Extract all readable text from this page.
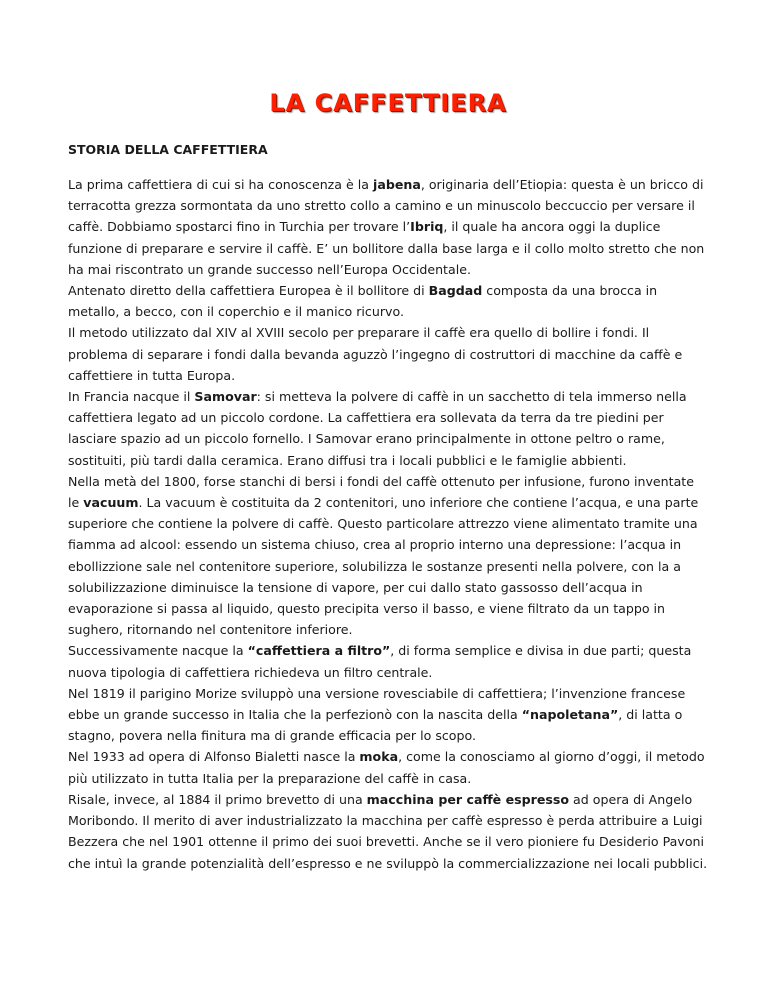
LA CAFFETTIERA
STORIA DELLA CAFFETTIERA

La prima caffettiera di cui si ha conoscenza è la jabena, originaria dell’Etiopia: questa è un bricco di terracotta grezza sormontata da uno stretto collo a camino e un minuscolo beccuccio per versare il caffè. Dobbiamo spostarci fino in Turchia per trovare l’Ibriq, il quale ha ancora oggi la duplice funzione di preparare e servire il caffè. E’ un bollitore dalla base larga e il collo molto stretto che non ha mai riscontrato un grande successo nell’Europa Occidentale.

Antenato diretto della caffettiera Europea è il bollitore di Bagdad composta da una brocca in metallo, a becco, con il coperchio e il manico ricurvo.

Il metodo utilizzato dal XIV al XVIII secolo per preparare il caffè era quello di bollire i fondi. Il problema di separare i fondi dalla bevanda aguzzò l’ingegno di costruttori di macchine da caffè e caffettiere in tutta Europa.

In Francia nacque il Samovar: si metteva la polvere di caffè in un sacchetto di tela immerso nella caffettiera legato ad un piccolo cordone. La caffettiera era sollevata da terra da tre piedini per lasciare spazio ad un piccolo fornello. I Samovar erano principalmente in ottone peltro o rame, sostituiti, più tardi dalla ceramica. Erano diffusi tra i locali pubblici e le famiglie abbienti.

Nella metà del 1800, forse stanchi di bersi i fondi del caffè ottenuto per infusione, furono inventate le vacuum. La vacuum è costituita da 2 contenitori, uno inferiore che contiene l’acqua, e una parte superiore che contiene la polvere di caffè. Questo particolare attrezzo viene alimentato tramite una fiamma ad alcool: essendo un sistema chiuso, crea al proprio interno una depressione: l’acqua in ebollizzione sale nel contenitore superiore, solubilizza le sostanze presenti nella polvere, con la a solubilizzazione diminuisce la tensione di vapore, per cui dallo stato gassosso dell’acqua in evaporazione si passa al liquido, questo precipita verso il basso, e viene filtrato da un tappo in sughero, ritornando nel contenitore inferiore.

Successivamente nacque la “caffettiera a filtro”, di forma semplice e divisa in due parti; questa nuova tipologia di caffettiera richiedeva un filtro centrale.

Nel 1819 il parigino Morize sviluppò una versione rovesciabile di caffettiera; l’invenzione francese ebbe un grande successo in Italia che la perfezionò con la nascita della “napoletana”, di latta o stagno, povera nella finitura ma di grande efficacia per lo scopo.

Nel 1933 ad opera di Alfonso Bialetti nasce la moka, come la conosciamo al giorno d’oggi, il metodo più utilizzato in tutta Italia per la preparazione del caffè in casa.

Risale, invece, al 1884 il primo brevetto di una macchina per caffè espresso ad opera di Angelo Moribondo. Il merito di aver industrializzato la macchina per caffè espresso è perda attribuire a Luigi Bezzera che nel 1901 ottenne il primo dei suoi brevetti. Anche se il vero pioniere fu Desiderio Pavoni che intuì la grande potenzialità dell’espresso e ne sviluppò la commercializzazione nei locali pubblici.
